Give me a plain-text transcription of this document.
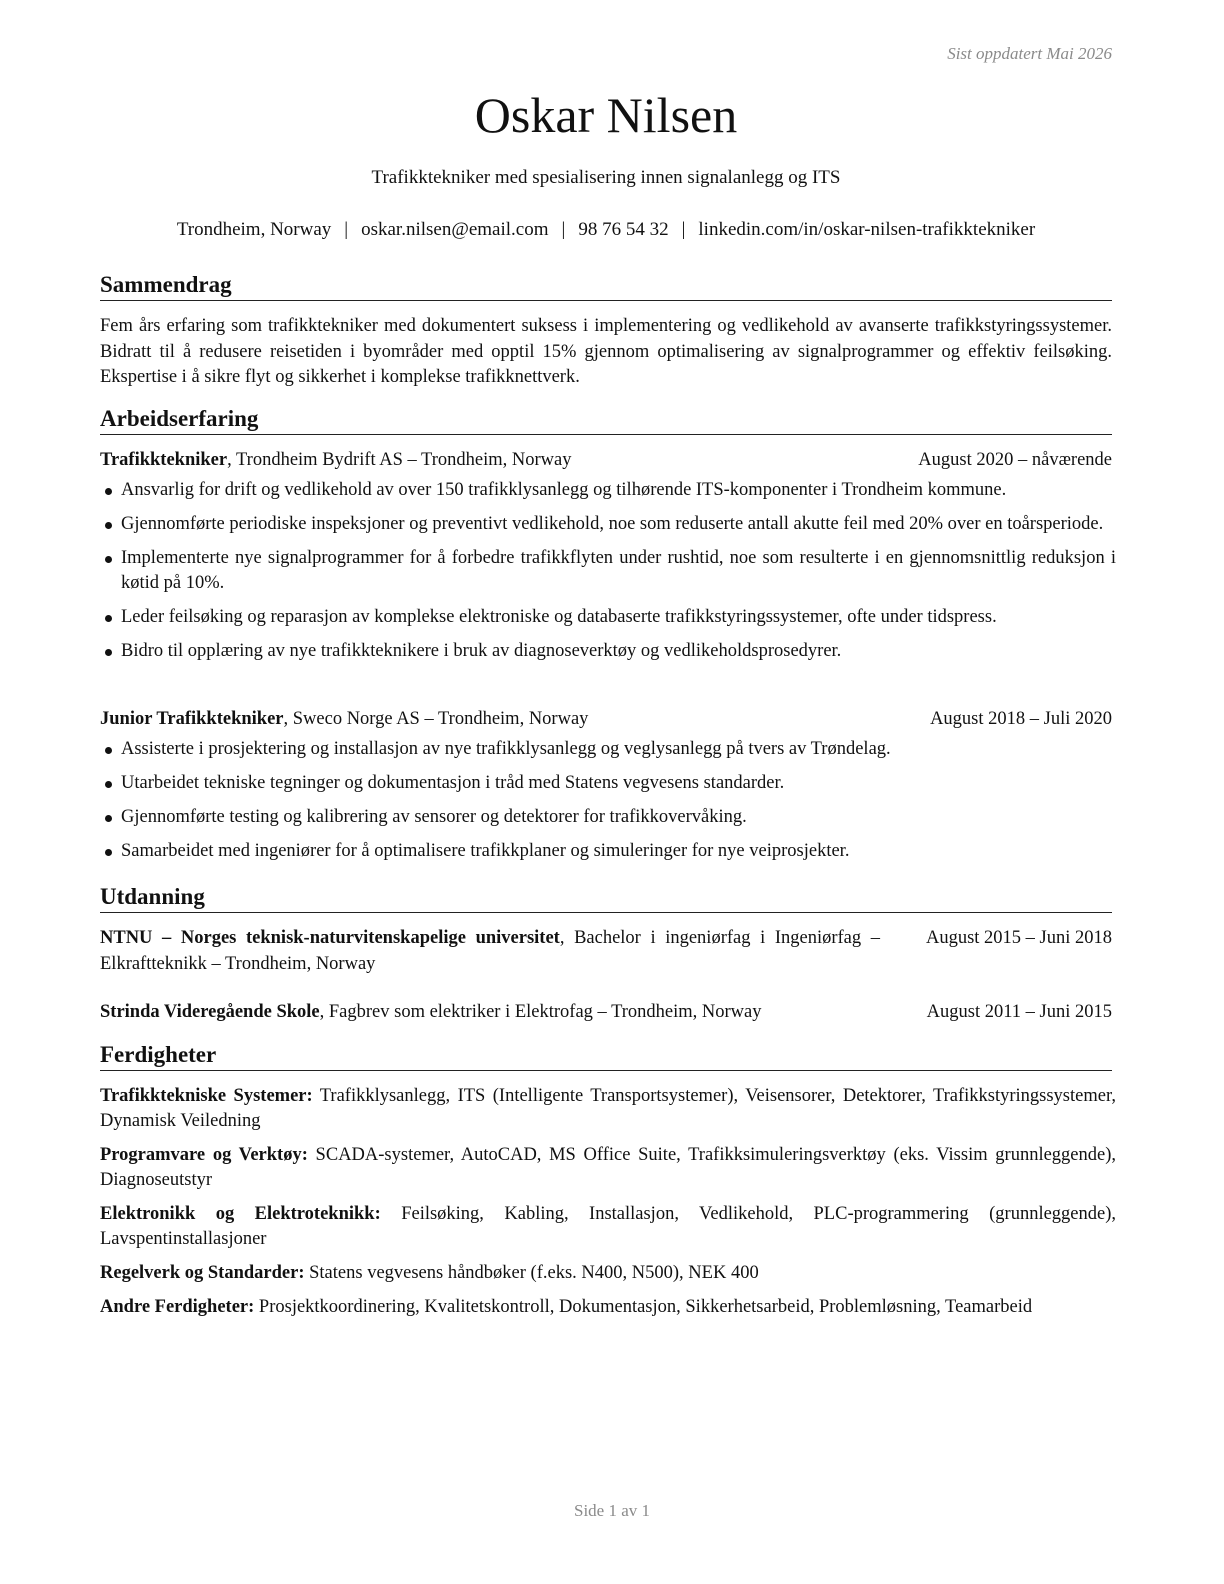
Sist oppdatert Mai 2026
Oskar Nilsen
Trafikktekniker med spesialisering innen signalanlegg og ITS
Trondheim, Norway | oskar.nilsen@email.com | 98 76 54 32 | linkedin.com/in/oskar-nilsen-trafikktekniker
Sammendrag
Fem års erfaring som trafikktekniker med dokumentert suksess i implementering og vedlikehold av avanserte trafikkstyringssystemer. Bidratt til å redusere reisetiden i byområder med opptil 15% gjennom optimalisering av signalprogrammer og effektiv feilsøking. Ekspertise i å sikre flyt og sikkerhet i komplekse trafikknettverk.
Arbeidserfaring
Trafikktekniker, Trondheim Bydrift AS – Trondheim, Norway	August 2020 – nåværende
Ansvarlig for drift og vedlikehold av over 150 trafikklysanlegg og tilhørende ITS-komponenter i Trondheim kommune.
Gjennomførte periodiske inspeksjoner og preventivt vedlikehold, noe som reduserte antall akutte feil med 20% over en toårsperiode.
Implementerte nye signalprogrammer for å forbedre trafikkflyten under rushtid, noe som resulterte i en gjennomsnittlig reduksjon i køtid på 10%.
Leder feilsøking og reparasjon av komplekse elektroniske og databaserte trafikkstyringssystemer, ofte under tidspress.
Bidro til opplæring av nye trafikkteknikere i bruk av diagnoseverktøy og vedlikeholdsprosedyrer.
Junior Trafikktekniker, Sweco Norge AS – Trondheim, Norway	August 2018 – Juli 2020
Assisterte i prosjektering og installasjon av nye trafikklysanlegg og veglysanlegg på tvers av Trøndelag.
Utarbeidet tekniske tegninger og dokumentasjon i tråd med Statens vegvesens standarder.
Gjennomførte testing og kalibrering av sensorer og detektorer for trafikkovervåking.
Samarbeidet med ingeniører for å optimalisere trafikkplaner og simuleringer for nye veiprosjekter.
Utdanning
NTNU – Norges teknisk-naturvitenskapelige universitet, Bachelor i ingeniørfag i Ingeniørfag – Elkraftteknikk – Trondheim, Norway
August 2015 – Juni 2018
Strinda Videregående Skole, Fagbrev som elektriker i Elektrofag – Trondheim, Norway	August 2011 – Juni 2015
Ferdigheter
Trafikktekniske Systemer: Trafikklysanlegg, ITS (Intelligente Transportsystemer), Veisensorer, Detektorer, Trafikkstyringssystemer, Dynamisk Veiledning
Programvare og Verktøy: SCADA-systemer, AutoCAD, MS Office Suite, Trafikksimuleringsverktøy (eks. Vissim grunnleggende), Diagnoseutstyr
Elektronikk og Elektroteknikk: Feilsøking, Kabling, Installasjon, Vedlikehold, PLC-programmering (grunnleggende), Lavspentinstallasjoner
Regelverk og Standarder: Statens vegvesens håndbøker (f.eks. N400, N500), NEK 400
Andre Ferdigheter: Prosjektkoordinering, Kvalitetskontroll, Dokumentasjon, Sikkerhetsarbeid, Problemløsning, Teamarbeid
Side 1 av 1
